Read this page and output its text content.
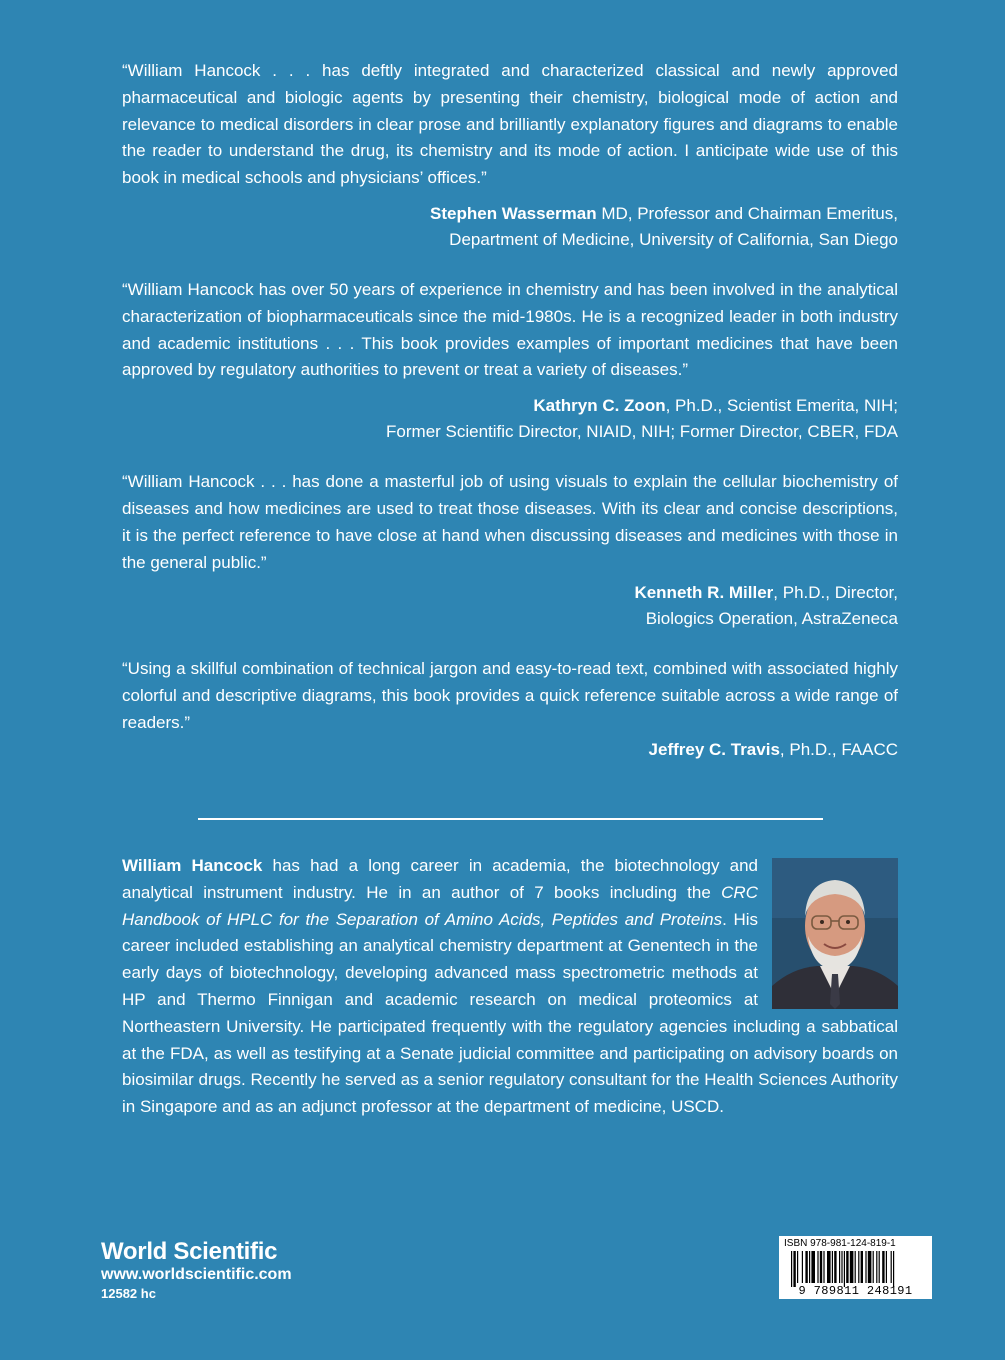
“William Hancock . . . has deftly integrated and characterized classical and newly approved pharmaceutical and biologic agents by presenting their chemistry, biological mode of action and relevance to medical disorders in clear prose and brilliantly explanatory figures and diagrams to enable the reader to understand the drug, its chemistry and its mode of action. I anticipate wide use of this book in medical schools and physicians’ offices.”

Stephen Wasserman MD, Professor and Chairman Emeritus,
Department of Medicine, University of California, San Diego

“William Hancock has over 50 years of experience in chemistry and has been involved in the analytical characterization of biopharmaceuticals since the mid-1980s. He is a recognized leader in both industry and academic institutions . . . This book provides examples of important medicines that have been approved by regulatory authorities to prevent or treat a variety of diseases.”

Kathryn C. Zoon, Ph.D., Scientist Emerita, NIH;
Former Scientific Director, NIAID, NIH; Former Director, CBER, FDA

“William Hancock . . . has done a masterful job of using visuals to explain the cellular biochemistry of diseases and how medicines are used to treat those diseases. With its clear and concise descriptions, it is the perfect reference to have close at hand when discussing diseases and medicines with those in the general public.”

Kenneth R. Miller, Ph.D., Director,
Biologics Operation, AstraZeneca

“Using a skillful combination of technical jargon and easy-to-read text, combined with associated highly colorful and descriptive diagrams, this book provides a quick reference suitable across a wide range of readers.”

Jeffrey C. Travis, Ph.D., FAACC

William Hancock has had a long career in academia, the biotechnology and analytical instrument industry. He in an author of 7 books including the CRC Handbook of HPLC for the Separation of Amino Acids, Peptides and Proteins. His career included establishing an analytical chemistry department at Genentech in the early days of biotechnology, developing advanced mass spectrometric methods at HP and Thermo Finnigan and academic research on medical proteomics at Northeastern University. He participated frequently with the regulatory agencies including a sabbatical at the FDA, as well as testifying at a Senate judicial committee and participating on advisory boards on biosimilar drugs. Recently he served as a senior regulatory consultant for the Health Sciences Authority in Singapore and as an adjunct professor at the department of medicine, USCD.
World Scientific
www.worldscientific.com
12582 hc
ISBN 978-981-124-819-1
9 789811 248191
